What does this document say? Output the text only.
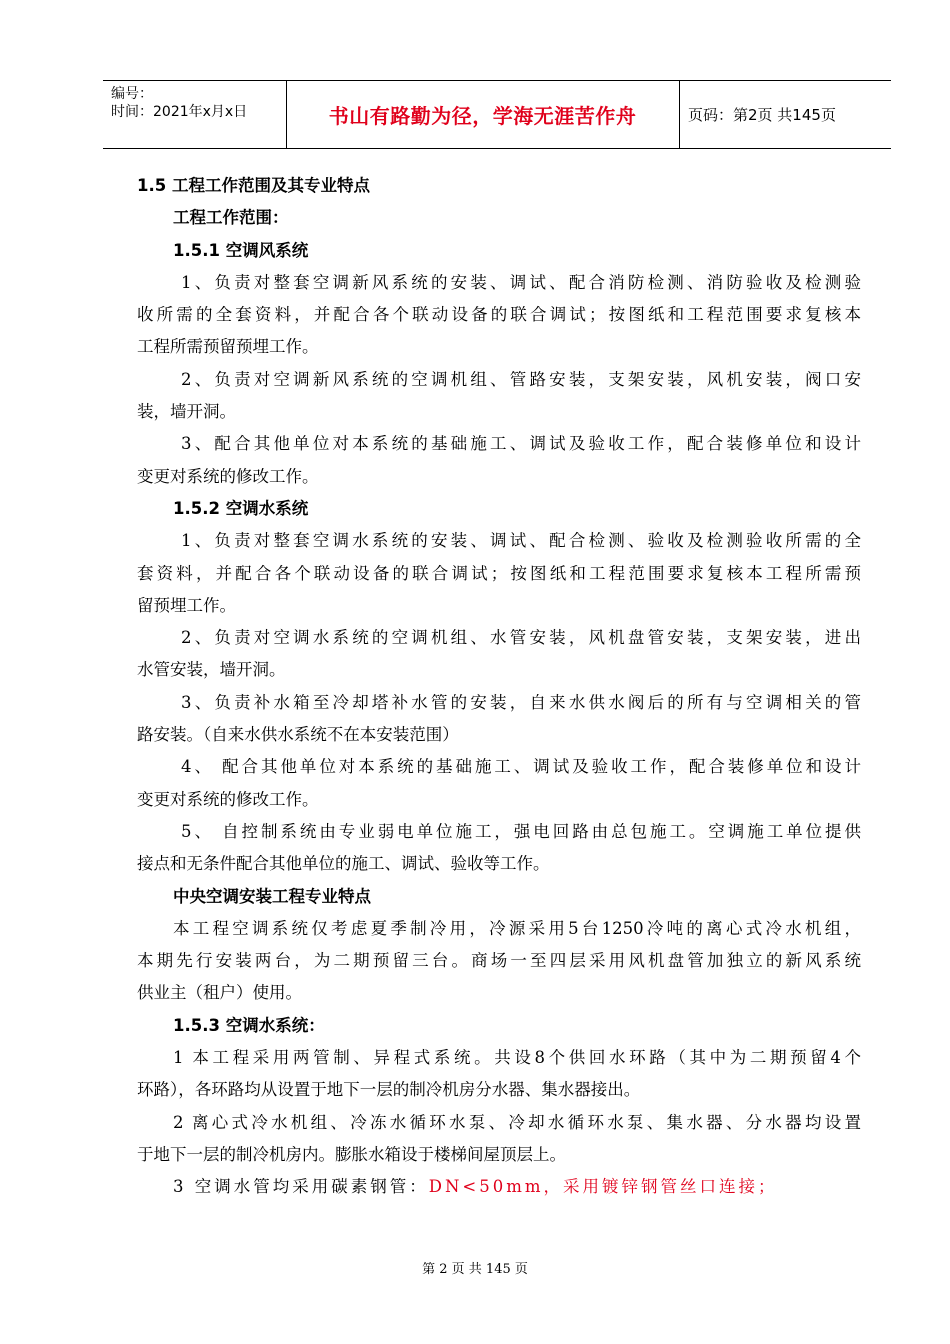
编号：
时间：2021年x月x日	书山有路勤为径，学海无涯苦作舟	页码：第2页 共145页
1.5 工程工作范围及其专业特点
工程工作范围：
1.5.1 空调风系统
1、负责对整套空调新风系统的安装、调试、配合消防检测、消防验收及检测验
收所需的全套资料，并配合各个联动设备的联合调试；按图纸和工程范围要求复核本
工程所需预留预埋工作。
2、负责对空调新风系统的空调机组、管路安装，支架安装，风机安装，阀口安
装，墙开洞。
3、配合其他单位对本系统的基础施工、调试及验收工作，配合装修单位和设计
变更对系统的修改工作。
1.5.2 空调水系统
1、负责对整套空调水系统的安装、调试、配合检测、验收及检测验收所需的全
套资料，并配合各个联动设备的联合调试；按图纸和工程范围要求复核本工程所需预
留预埋工作。
2、负责对空调水系统的空调机组、水管安装，风机盘管安装，支架安装，进出
水管安装，墙开洞。
3、负责补水箱至冷却塔补水管的安装，自来水供水阀后的所有与空调相关的管
路安装。（自来水供水系统不在本安装范围）
4、 配合其他单位对本系统的基础施工、调试及验收工作，配合装修单位和设计
变更对系统的修改工作。
5、 自控制系统由专业弱电单位施工，强电回路由总包施工。空调施工单位提供
接点和无条件配合其他单位的施工、调试、验收等工作。
中央空调安装工程专业特点
本工程空调系统仅考虑夏季制冷用，冷源采用5台1250冷吨的离心式冷水机组，
本期先行安装两台，为二期预留三台。商场一至四层采用风机盘管加独立的新风系统
供业主（租户）使用。
1.5.3 空调水系统：
1 本工程采用两管制、异程式系统。共设8个供回水环路（其中为二期预留4个
环路），各环路均从设置于地下一层的制冷机房分水器、集水器接出。
2 离心式冷水机组、冷冻水循环水泵、冷却水循环水泵、集水器、分水器均设置
于地下一层的制冷机房内。膨胀水箱设于楼梯间屋顶层上。
3 空调水管均采用碳素钢管：DN<50mm，采用镀锌钢管丝口连接；
第 2 页 共 145 页
